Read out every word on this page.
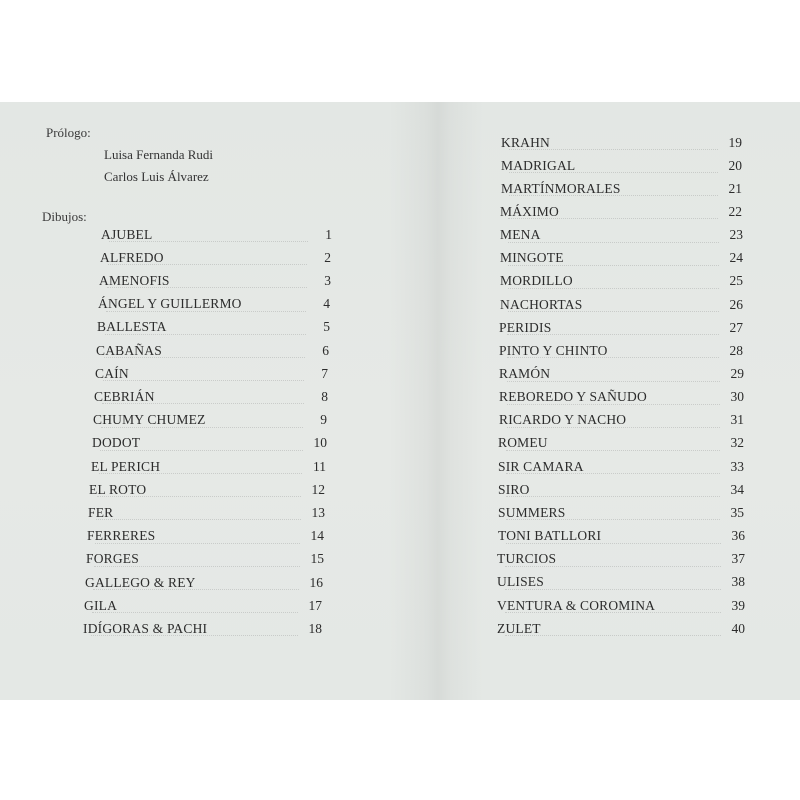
Prólogo:
Luisa Fernanda Rudi
Carlos Luis Álvarez
Dibujos:
AJUBEL	1
ALFREDO	2
AMENOFIS	3
ÁNGEL Y GUILLERMO	4
BALLESTA	5
CABAÑAS	6
CAÍN	7
CEBRIÁN	8
CHUMY CHUMEZ	9
DODOT	10
EL PERICH	11
EL ROTO	12
FER	13
FERRERES	14
FORGES	15
GALLEGO & REY	16
GILA	17
IDÍGORAS & PACHI	18
KRAHN	19
MADRIGAL	20
MARTÍNMORALES	21
MÁXIMO	22
MENA	23
MINGOTE	24
MORDILLO	25
NACHORTAS	26
PERIDIS	27
PINTO Y CHINTO	28
RAMÓN	29
REBOREDO Y SAÑUDO	30
RICARDO Y NACHO	31
ROMEU	32
SIR CAMARA	33
SIRO	34
SUMMERS	35
TONI BATLLORI	36
TURCIOS	37
ULISES	38
VENTURA & COROMINA	39
ZULET	40
